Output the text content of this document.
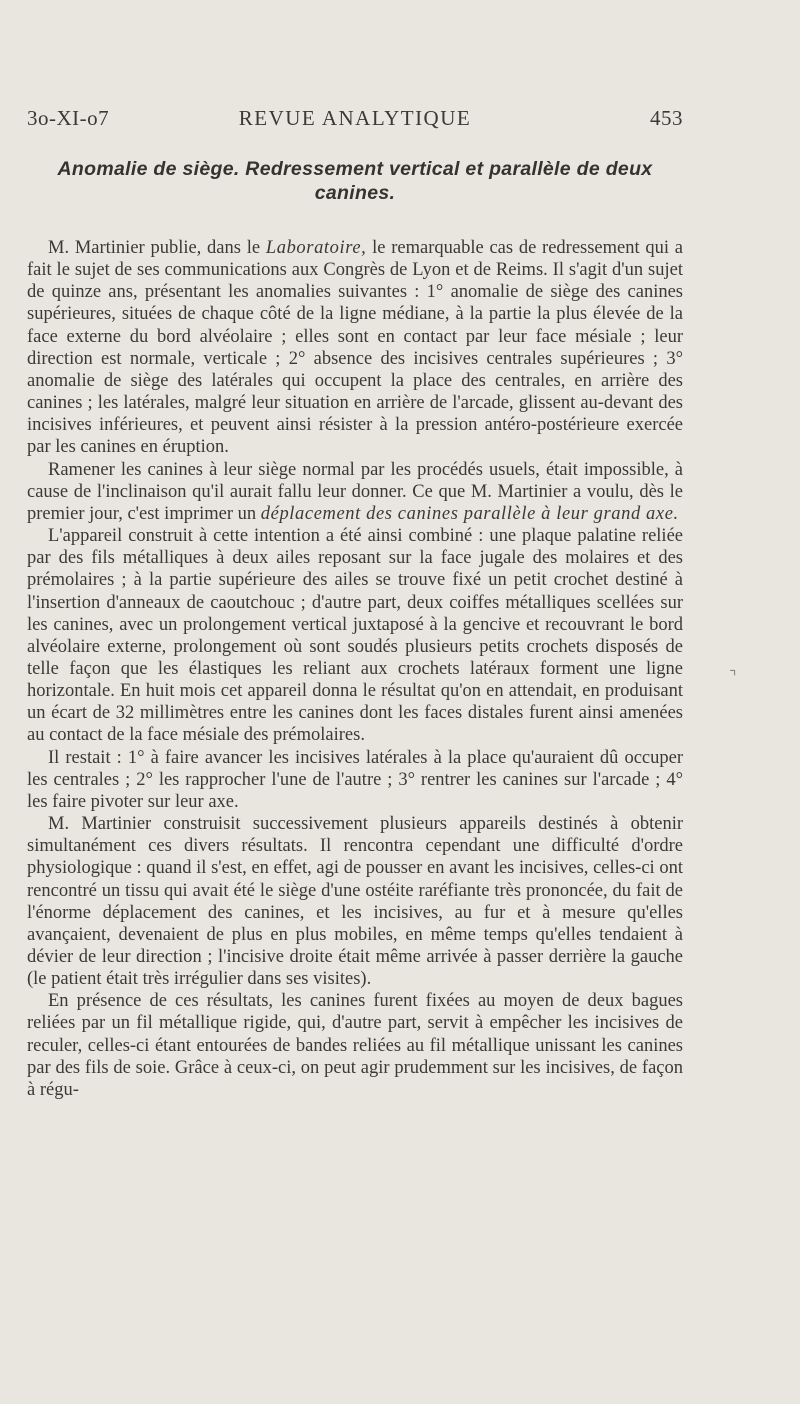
3o-XI-o7	REVUE ANALYTIQUE	453
Anomalie de siège. Redressement vertical et parallèle de deux canines.

M. Martinier publie, dans le Laboratoire, le remarquable cas de redressement qui a fait le sujet de ses communications aux Congrès de Lyon et de Reims. Il s'agit d'un sujet de quinze ans, présentant les anomalies suivantes : 1° anomalie de siège des canines supérieures, situées de chaque côté de la ligne médiane, à la partie la plus élevée de la face externe du bord alvéolaire ; elles sont en contact par leur face mésiale ; leur direction est normale, verticale ; 2° absence des incisives centrales supérieures ; 3° anomalie de siège des latérales qui occupent la place des centrales, en arrière des canines ; les latérales, malgré leur situation en arrière de l'arcade, glissent au-devant des incisives inférieures, et peuvent ainsi résister à la pression antéro-postérieure exercée par les canines en éruption.

Ramener les canines à leur siège normal par les procédés usuels, était impossible, à cause de l'inclinaison qu'il aurait fallu leur donner. Ce que M. Martinier a voulu, dès le premier jour, c'est imprimer un déplacement des canines parallèle à leur grand axe.

L'appareil construit à cette intention a été ainsi combiné : une plaque palatine reliée par des fils métalliques à deux ailes reposant sur la face jugale des molaires et des prémolaires ; à la partie supérieure des ailes se trouve fixé un petit crochet destiné à l'insertion d'anneaux de caoutchouc ; d'autre part, deux coiffes métalliques scellées sur les canines, avec un prolongement vertical juxtaposé à la gencive et recouvrant le bord alvéolaire externe, prolongement où sont soudés plusieurs petits crochets disposés de telle façon que les élastiques les reliant aux crochets latéraux forment une ligne horizontale. En huit mois cet appareil donna le résultat qu'on en attendait, en produisant un écart de 32 millimètres entre les canines dont les faces distales furent ainsi amenées au contact de la face mésiale des prémolaires.

Il restait : 1° à faire avancer les incisives latérales à la place qu'auraient dû occuper les centrales ; 2° les rapprocher l'une de l'autre ; 3° rentrer les canines sur l'arcade ; 4° les faire pivoter sur leur axe.

M. Martinier construisit successivement plusieurs appareils destinés à obtenir simultanément ces divers résultats. Il rencontra cependant une difficulté d'ordre physiologique : quand il s'est, en effet, agi de pousser en avant les incisives, celles-ci ont rencontré un tissu qui avait été le siège d'une ostéite raréfiante très prononcée, du fait de l'énorme déplacement des canines, et les incisives, au fur et à mesure qu'elles avançaient, devenaient de plus en plus mobiles, en même temps qu'elles tendaient à dévier de leur direction ; l'incisive droite était même arrivée à passer derrière la gauche (le patient était très irrégulier dans ses visites).

En présence de ces résultats, les canines furent fixées au moyen de deux bagues reliées par un fil métallique rigide, qui, d'autre part, servit à empêcher les incisives de reculer, celles-ci étant entourées de bandes reliées au fil métallique unissant les canines par des fils de soie. Grâce à ceux-ci, on peut agir prudemment sur les incisives, de façon à régu-

⌝
